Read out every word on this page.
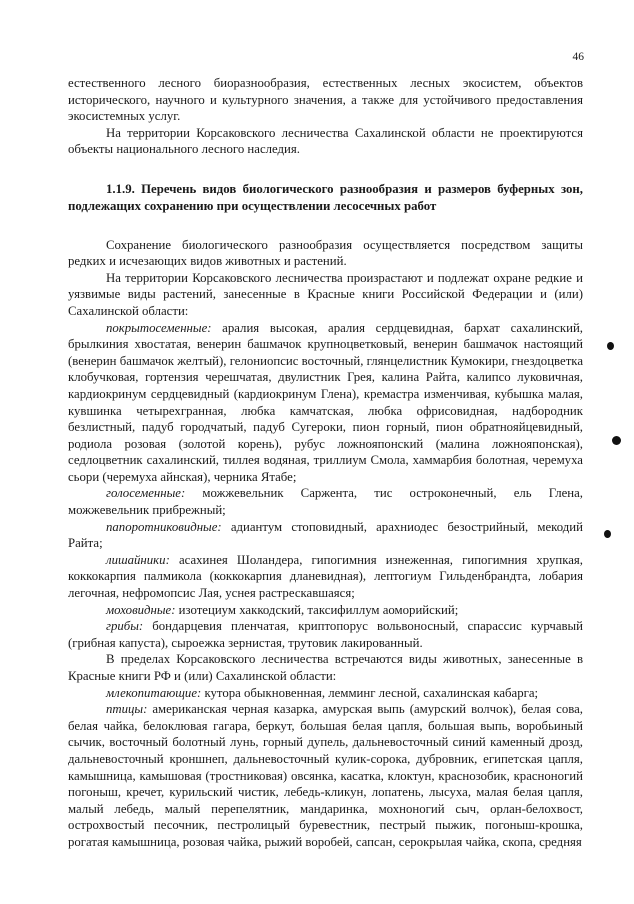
46

естественного лесного биоразнообразия, естественных лесных экосистем, объектов исторического, научного и культурного значения, а также для устойчивого предоставления экосистемных услуг.

На территории Корсаковского лесничества Сахалинской области не проектируются объекты национального лесного наследия.

1.1.9. Перечень видов биологического разнообразия и размеров буферных зон, подлежащих сохранению при осуществлении лесосечных работ

Сохранение биологического разнообразия осуществляется посредством защиты редких и исчезающих видов животных и растений.

На территории Корсаковского лесничества произрастают и подлежат охране редкие и уязвимые виды растений, занесенные в Красные книги Российской Федерации и (или) Сахалинской области:

покрытосеменные: аралия высокая, аралия сердцевидная, бархат сахалинский, брылкиния хвостатая, венерин башмачок крупноцветковый, венерин башмачок настоящий (венерин башмачок желтый), гелониопсис восточный, глянцелистник Кумокири, гнездоцветка клобучковая, гортензия черешчатая, двулистник Грея, калина Райта, калипсо луковичная, кардиокринум сердцевидный (кардиокринум Глена), кремастра изменчивая, кубышка малая, кувшинка четырехгранная, любка камчатская, любка офрисовидная, надбородник безлистный, падуб городчатый, падуб Сугероки, пион горный, пион обратнояйцевидный, родиола розовая (золотой корень), рубус ложнояпонский (малина ложнояпонская), седлоцветник сахалинский, тиллея водяная, триллиум Смола, хаммарбия болотная, черемуха сьори (черемуха айнская), черника Ятабе;

голосеменные: можжевельник Саржента, тис остроконечный, ель Глена, можжевельник прибрежный;

папоротниковидные: адиантум стоповидный, арахниодес безострийный, мекодий Райта;

лишайники: асахинея Шоландера, гипогимния изнеженная, гипогимния хрупкая, коккокарпия палмикола (коккокарпия дланевидная), лептогиум Гильденбрандта, лобария легочная, нефромопсис Лая, уснея растрескавшаяся;

моховидные: изотециум хаккодский, таксифиллум аоморийский;

грибы: бондарцевия пленчатая, криптопорус вольвоносный, спарассис курчавый (грибная капуста), сыроежка зернистая, трутовик лакированный.

В пределах Корсаковского лесничества встречаются виды животных, занесенные в Красные книги РФ и (или) Сахалинской области:

млекопитающие: кутора обыкновенная, лемминг лесной, сахалинская кабарга;

птицы: американская черная казарка, амурская выпь (амурский волчок), белая сова, белая чайка, белоклювая гагара, беркут, большая белая цапля, большая выпь, воробьиный сычик, восточный болотный лунь, горный дупель, дальневосточный синий каменный дрозд, дальневосточный кроншнеп, дальневосточный кулик-сорока, дубровник, египетская цапля, камышница, камышовая (тростниковая) овсянка, касатка, клоктун, краснозобик, красноногий погоныш, кречет, курильский чистик, лебедь-кликун, лопатень, лысуха, малая белая цапля, малый лебедь, малый перепелятник, мандаринка, мохноногий сыч, орлан-белохвост, острохвостый песочник, пестролицый буревестник, пестрый пыжик, погоныш-крошка, рогатая камышница, розовая чайка, рыжий воробей, сапсан, серокрылая чайка, скопа, средняя
